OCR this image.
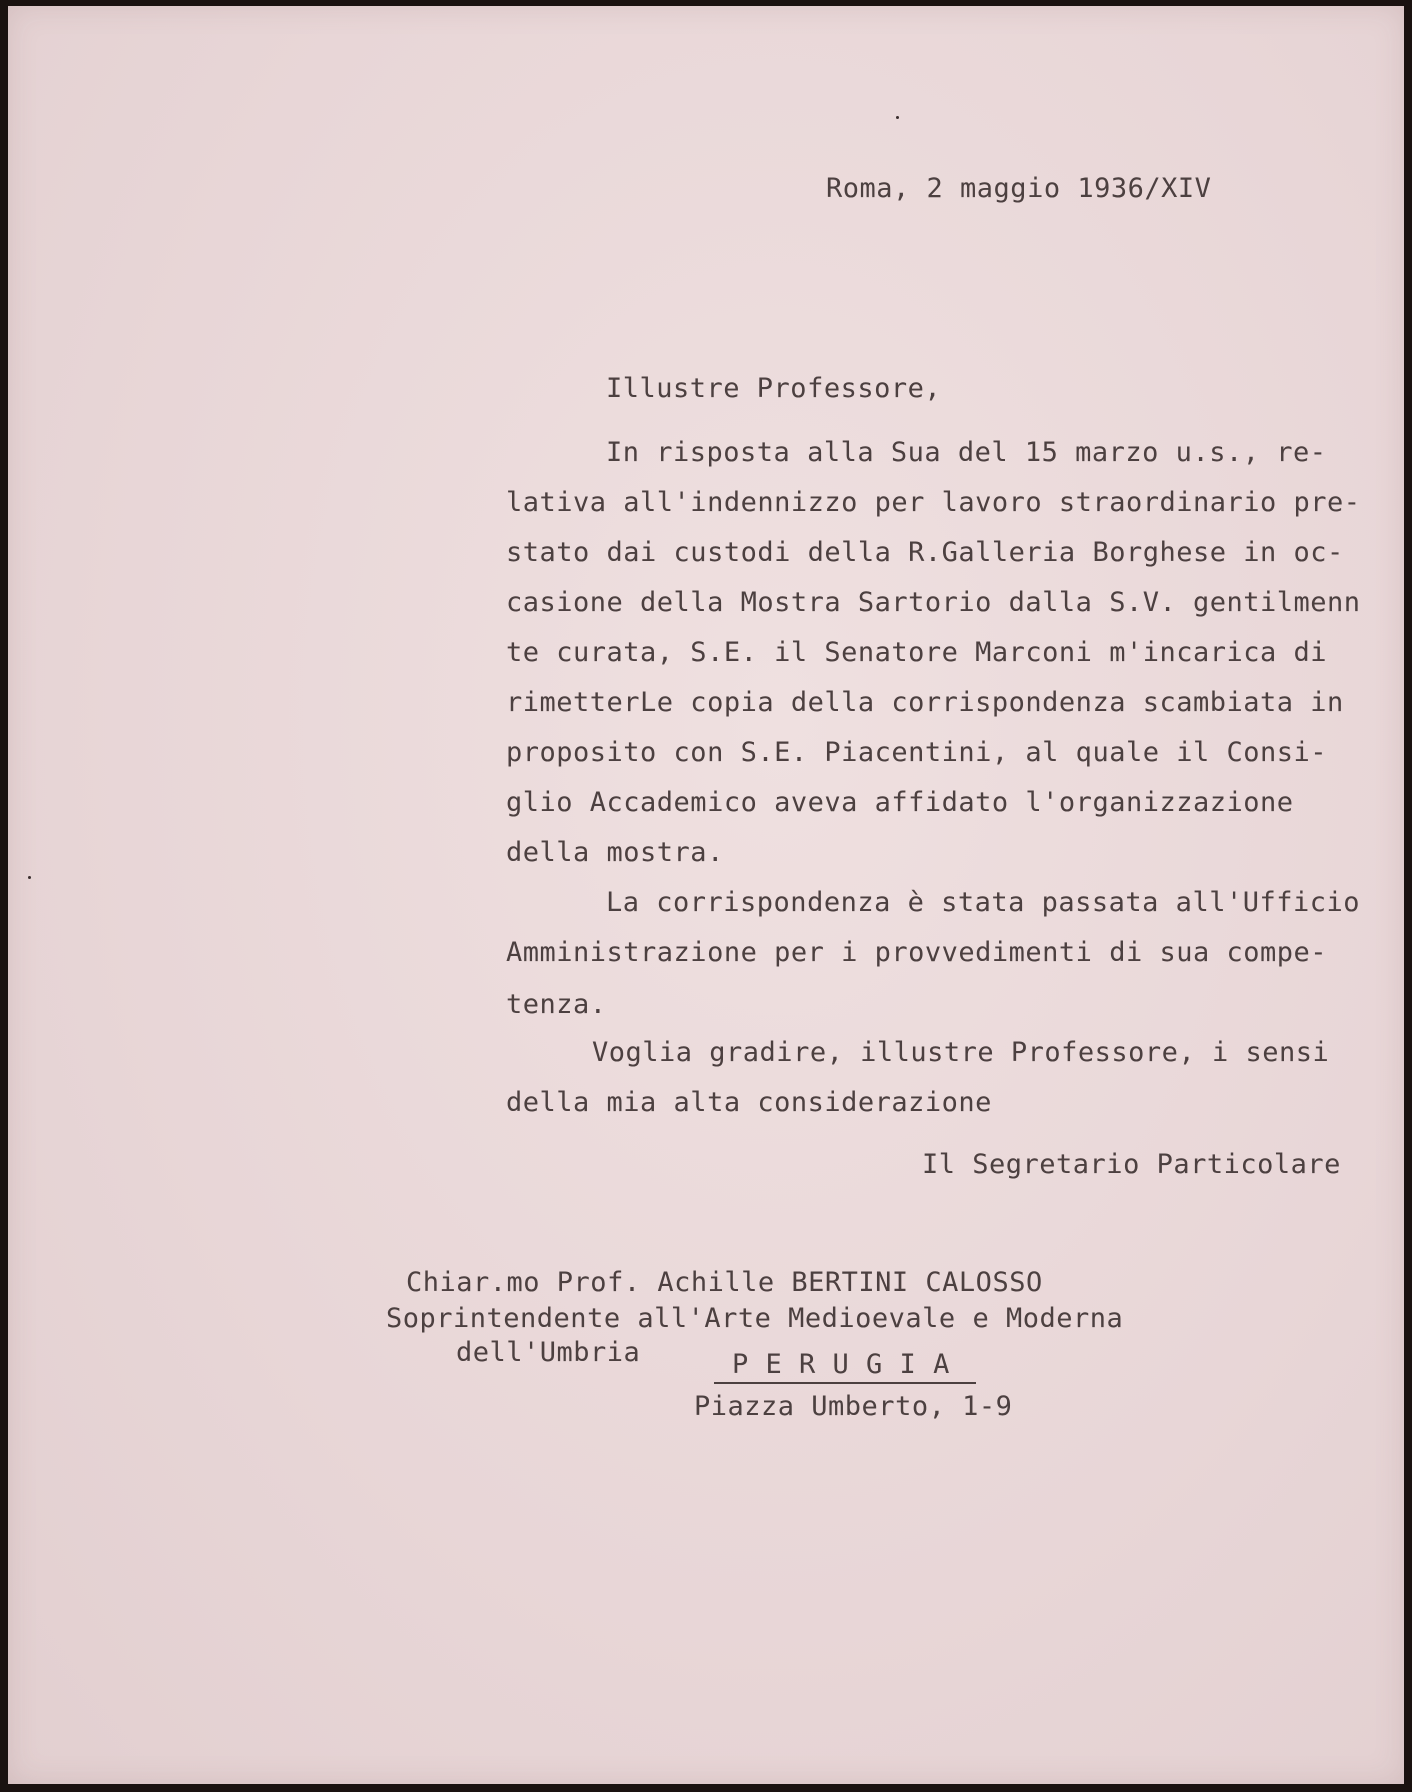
Roma, 2 maggio 1936/XIV

Illustre Professore,

In risposta alla Sua del 15 marzo u.s., re-

lativa all'indennizzo per lavoro straordinario pre-

stato dai custodi della R.Galleria Borghese in oc-

casione della Mostra Sartorio dalla S.V. gentilmenn

te curata, S.E. il Senatore Marconi m'incarica di

rimetterLe copia della corrispondenza scambiata in

proposito con S.E. Piacentini, al quale il Consi-

glio Accademico aveva affidato l'organizzazione

della mostra.

La corrispondenza è stata passata all'Ufficio

Amministrazione per i provvedimenti di sua compe-

tenza.

Voglia gradire, illustre Professore, i sensi

della mia alta considerazione

Il Segretario Particolare

Chiar.mo Prof. Achille BERTINI CALOSSO

Soprintendente all'Arte Medioevale e Moderna

dell'Umbria	P E R U G I A

Piazza Umberto, 1-9
